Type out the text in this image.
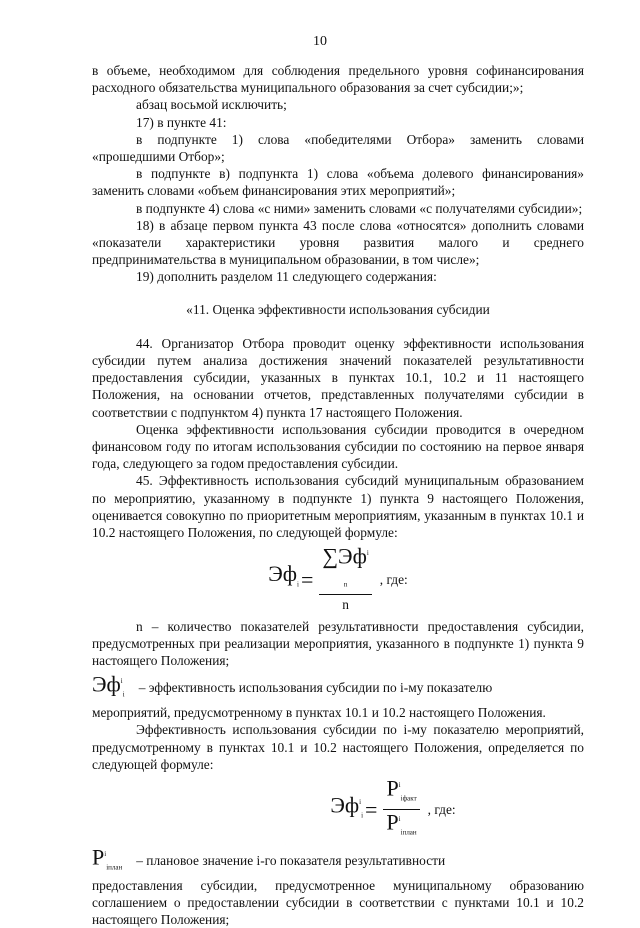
10

в объеме, необходимом для соблюдения предельного уровня софинансирования расходного обязательства муниципального образования за счет субсидии;»;

абзац восьмой исключить;

17) в пункте 41:

в подпункте 1) слова «победителями Отбора» заменить словами «прошедшими Отбор»;

в подпункте в) подпункта 1) слова «объема долевого финансирования» заменить словами «объем финансирования этих мероприятий»;

в подпункте 4) слова «с ними» заменить словами «с получателями субсидии»;

18) в абзаце первом пункта 43 после слова «относятся» дополнить словами «показатели характеристики уровня развития малого и среднего предпринимательства в муниципальном образовании, в том числе»;

19) дополнить разделом 11 следующего содержания:

«11. Оценка эффективности использования субсидии

44. Организатор Отбора проводит оценку эффективности использования субсидии путем анализа достижения значений показателей результативности предоставления субсидии, указанных в пунктах 10.1, 10.2 и 11 настоящего Положения, на основании отчетов, представленных получателями субсидии в соответствии с подпунктом 4) пункта 17 настоящего Положения.

Оценка эффективности использования субсидии проводится в очередном финансовом году по итогам использования субсидии по состоянию на первое января года, следующего за годом предоставления субсидии.

45. Эффективность использования субсидий муниципальным образованием по мероприятию, указанному в подпункте 1) пункта 9 настоящего Положения, оценивается совокупно по приоритетным мероприятиям, указанным в пунктах 10.1 и 10.2 настоящего Положения, по следующей формуле:

$Эф_i$ =
$\sum Эф^i$
$_n$
n
, где:

n – количество показателей результативности предоставления субсидии, предусмотренных при реализации мероприятия, указанного в подпункте 1) пункта 9 настоящего Положения;

$Эф^i_i$ – эффективность использования субсидии по i-му показателю

мероприятий, предусмотренному в пунктах 10.1 и 10.2 настоящего Положения.

Эффективность использования субсидии по i-му показателю мероприятий, предусмотренному в пунктах 10.1 и 10.2 настоящего Положения, определяется по следующей формуле:

$Эф^i_i = \frac{P^i_{iфакт}}{P^i_{iплан}}$ , где:
$P^i_{iплан}$ – плановое значение i-го показателя результативности

предоставления субсидии, предусмотренное муниципальному образованию соглашением о предоставлении субсидии в соответствии с пунктами 10.1 и 10.2 настоящего Положения;
